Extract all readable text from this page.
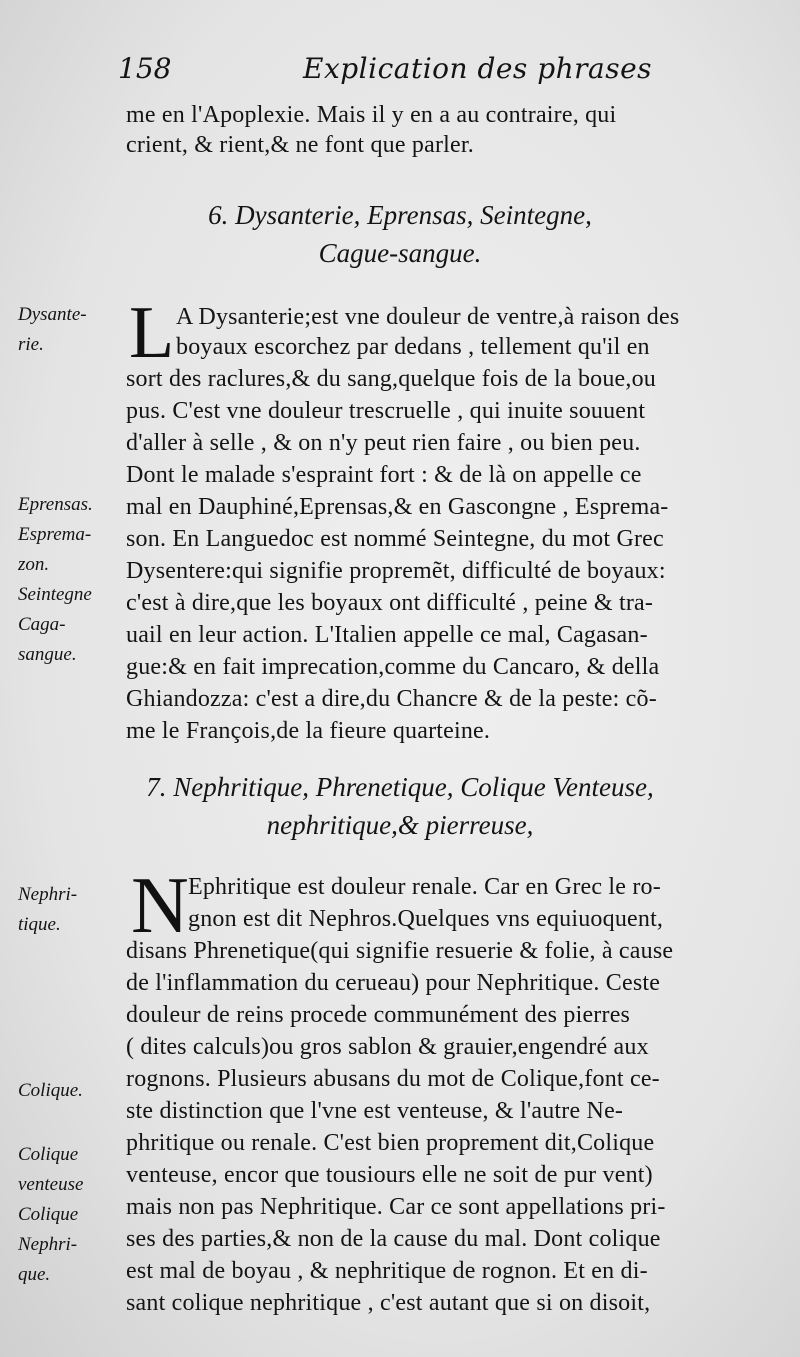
158	Explication des phrases
me en l'Apoplexie. Mais il y en a au contraire, qui
crient, & rient,& ne font que parler.
6. Dysanterie, Eprensas, Seintegne,
Cague-sangue.
Dysante-
rie.	L A Dysanterie;est vne douleur de ventre,à raison des
boyaux escorchez par dedans , tellement qu'il en
sort des raclures,& du sang,quelque fois de la boue,ou
pus. C'est vne douleur trescruelle , qui inuite souuent
d'aller à selle , & on n'y peut rien faire , ou bien peu.
Dont le malade s'espraint fort : & de là on appelle ce
mal en Dauphiné,Eprensas,& en Gascongne , Esprema-
son. En Languedoc est nommé Seintegne, du mot Grec
Dysentere:qui signifie propremẽt, difficulté de boyaux:
c'est à dire,que les boyaux ont difficulté , peine & tra-
uail en leur action. L'Italien appelle ce mal, Cagasan-
gue:& en fait imprecation,comme du Cancaro, & della
Ghiandozza: c'est a dire,du Chancre & de la peste: cõ-
me le François,de la fieure quarteine.
Eprensas.
Esprema-
zon.
Seintegne
Caga-
sangue.
7. Nephritique, Phrenetique, Colique Venteuse,
nephritique,& pierreuse,
Nephri-
tique. N Ephritique est douleur renale. Car en Grec le ro-
gnon est dit Nephros.Quelques vns equiuoquent,
disans Phrenetique(qui signifie resuerie & folie, à cause
de l'inflammation du cerueau) pour Nephritique. Ceste
douleur de reins procede communément des pierres
( dites calculs)ou gros sablon & grauier,engendré aux
rognons. Plusieurs abusans du mot de Colique,font ce-
ste distinction que l'vne est venteuse, & l'autre Ne-
phritique ou renale. C'est bien proprement dit,Colique
venteuse, encor que tousiours elle ne soit de pur vent)
mais non pas Nephritique. Car ce sont appellations pri-
ses des parties,& non de la cause du mal. Dont colique
est mal de boyau , & nephritique de rognon. Et en di-
sant colique nephritique , c'est autant que si on disoit,
Colique.
Colique
venteuse
Colique
Nephri-
que.
